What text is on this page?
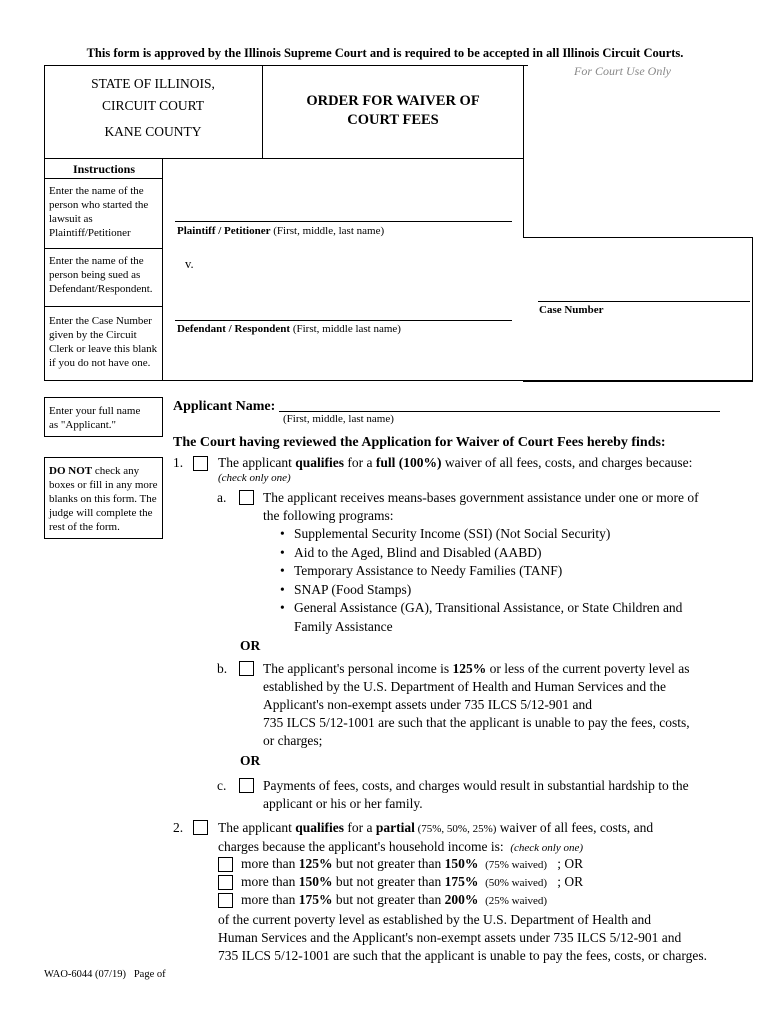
This form is approved by the Illinois Supreme Court and is required to be accepted in all Illinois Circuit Courts.
STATE OF ILLINOIS,
CIRCUIT COURT
KANE COUNTY
ORDER FOR WAIVER OF
COURT FEES
For Court Use Only
Case Number
Instructions
Enter the name of the person who started the lawsuit as Plaintiff/Petitioner
Enter the name of the person being sued as Defendant/Respondent.
Enter the Case Number given by the Circuit Clerk or leave this blank if you do not have one.
Plaintiff / Petitioner (First, middle, last name)
v.
Defendant / Respondent (First, middle last name)
Enter your full name
as "Applicant."
Applicant Name:
(First, middle, last name)
DO NOT check any boxes or fill in any more blanks on this form. The judge will complete the rest of the form.
The Court having reviewed the Application for Waiver of Court Fees hereby finds:
1.	The applicant qualifies for a full (100%) waiver of all fees, costs, and charges because:
(check only one)
a.	The applicant receives means-bases government assistance under one or more of
the following programs:
• Supplemental Security Income (SSI) (Not Social Security)
• Aid to the Aged, Blind and Disabled (AABD)
• Temporary Assistance to Needy Families (TANF)
• SNAP (Food Stamps)
• General Assistance (GA), Transitional Assistance, or State Children and Family Assistance
OR
b.	The applicant's personal income is 125% or less of the current poverty level as
established by the U.S. Department of Health and Human Services and the
Applicant's non-exempt assets under 735 ILCS 5/12-901 and
735 ILCS 5/12-1001 are such that the applicant is unable to pay the fees, costs,
or charges;
OR
c.	Payments of fees, costs, and charges would result in substantial hardship to the
applicant or his or her family.
2.	The applicant qualifies for a partial (75%, 50%, 25%) waiver of all fees, costs, and
charges because the applicant's household income is: (check only one)
more than 125% but not greater than 150% (75% waived) ; OR
more than 150% but not greater than 175% (50% waived) ; OR
more than 175% but not greater than 200% (25% waived)
of the current poverty level as established by the U.S. Department of Health and
Human Services and the Applicant's non-exempt assets under 735 ILCS 5/12-901 and
735 ILCS 5/12-1001 are such that the applicant is unable to pay the fees, costs, or charges.
WAO-6044 (07/19) Page of
